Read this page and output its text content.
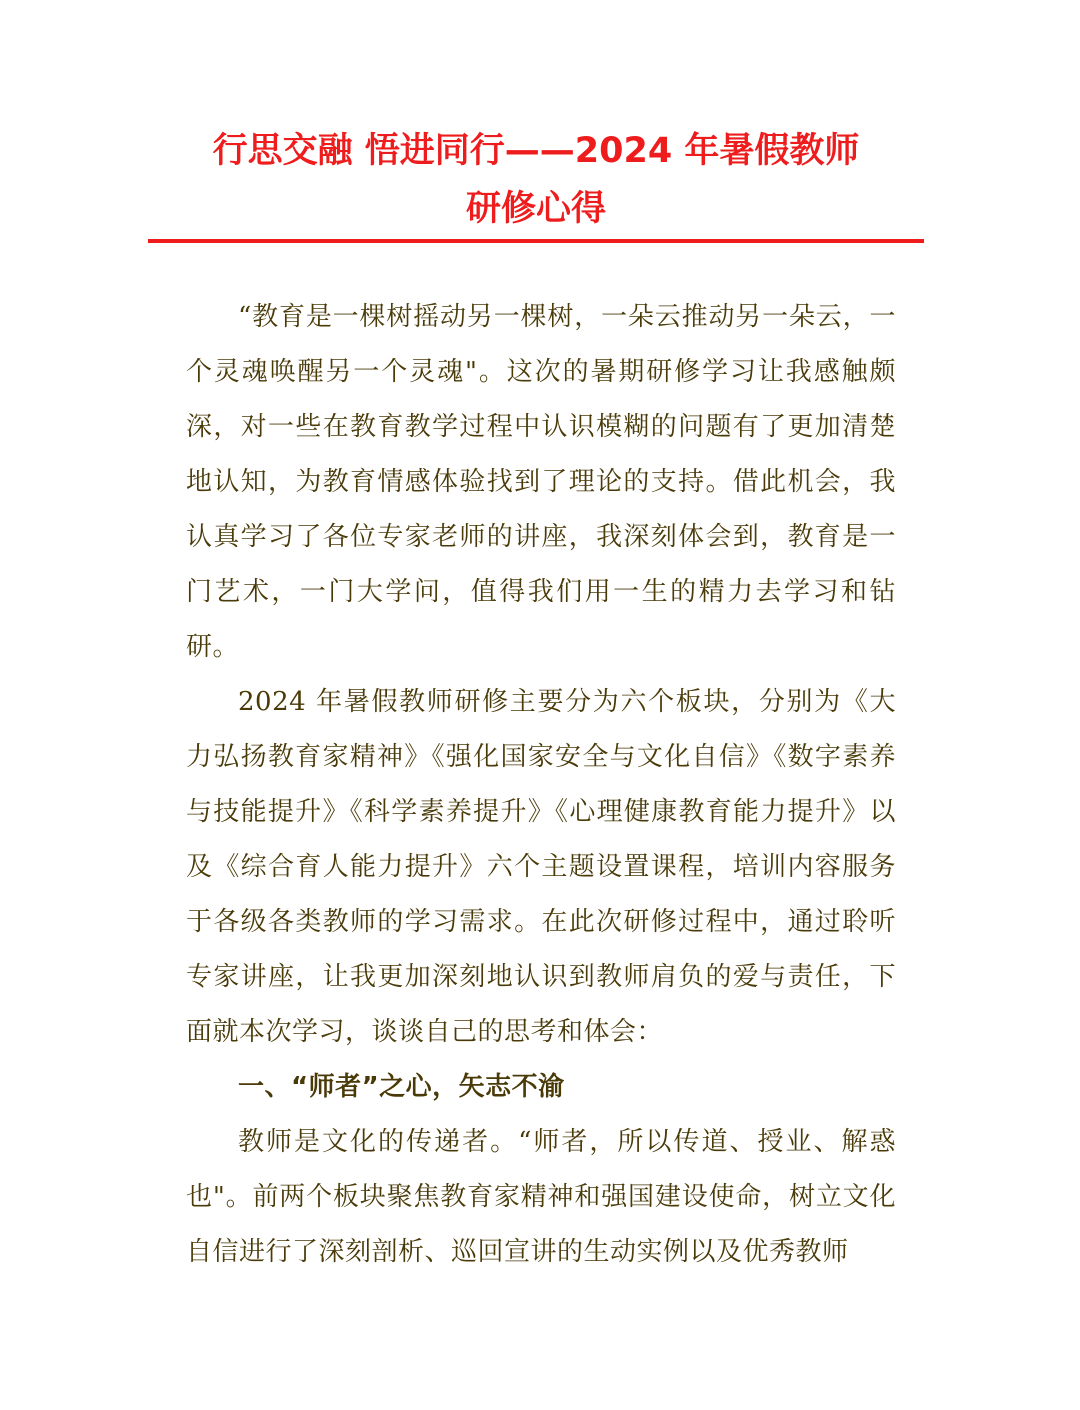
行思交融 悟进同行——2024 年暑假教师
研修心得

“教育是一棵树摇动另一棵树，一朵云推动另一朵云，一个灵魂唤醒另一个灵魂"。这次的暑期研修学习让我感触颇深，对一些在教育教学过程中认识模糊的问题有了更加清楚地认知，为教育情感体验找到了理论的支持。借此机会，我认真学习了各位专家老师的讲座，我深刻体会到，教育是一门艺术，一门大学问，值得我们用一生的精力去学习和钻研。

2024 年暑假教师研修主要分为六个板块，分别为《大力弘扬教育家精神》《强化国家安全与文化自信》《数字素养与技能提升》《科学素养提升》《心理健康教育能力提升》以及《综合育人能力提升》六个主题设置课程，培训内容服务于各级各类教师的学习需求。在此次研修过程中，通过聆听专家讲座，让我更加深刻地认识到教师肩负的爱与责任，下面就本次学习，谈谈自己的思考和体会：

一、“师者”之心，矢志不渝

教师是文化的传递者。“师者，所以传道、授业、解惑也"。前两个板块聚焦教育家精神和强国建设使命，树立文化自信进行了深刻剖析、巡回宣讲的生动实例以及优秀教师
